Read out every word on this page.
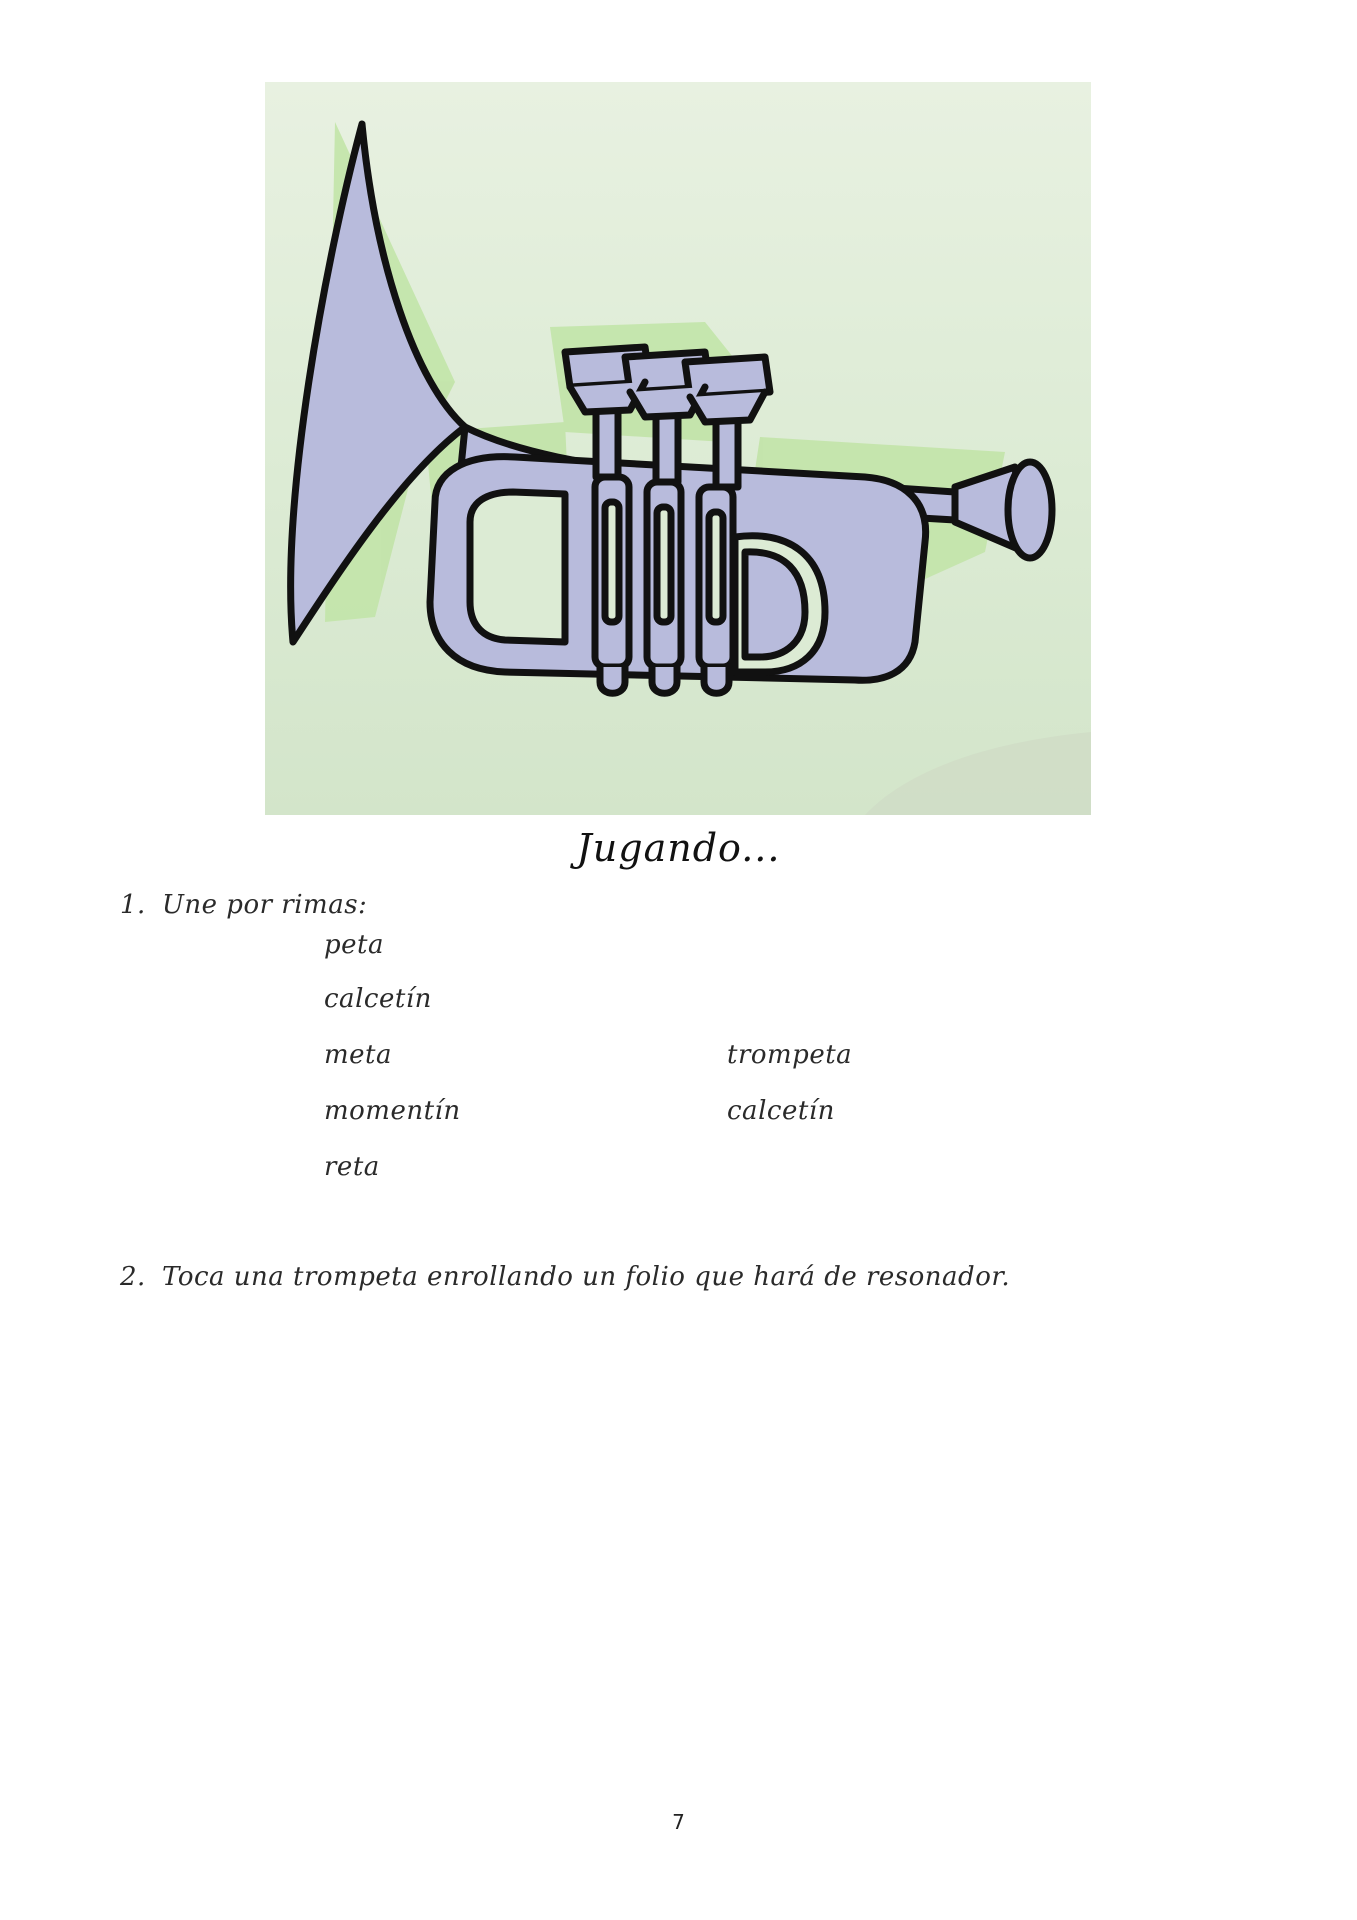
Jugando...
1. Une por rimas:
peta
calcetín
meta
momentín
reta
trompeta
calcetín
2. Toca una trompeta enrollando un folio que hará de resonador.
7
